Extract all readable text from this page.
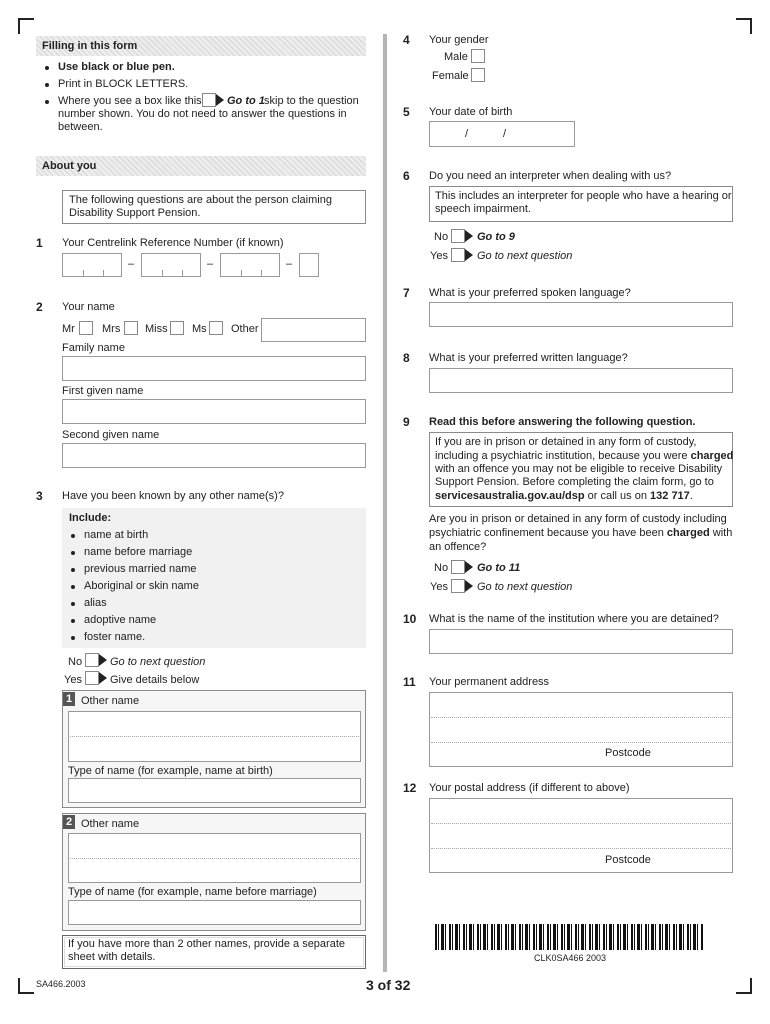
Filling in this form
Use black or blue pen.
Print in BLOCK LETTERS.
Where you see a box like this Go to 1 skip to the question
number shown. You do not need to answer the questions in
between.
About you
The following questions are about the person claiming
Disability Support Pension.
1 Your Centrelink Reference Number (if known)
–	–	–
2 Your name
Mr Mrs Miss Ms Other
Family name
First given name
Second given name
3 Have you been known by any other name(s)?
Include:
name at birth
name before marriage
previous married name
Aboriginal or skin name
alias
adoptive name
foster name.
No	Go to next question
Yes	Give details below
1 Other name
Type of name (for example, name at birth)
2 Other name
Type of name (for example, name before marriage)
If you have more than 2 other names, provide a separate
sheet with details.
4 Your gender
Male
Female
5 Your date of birth
/	/
6 Do you need an interpreter when dealing with us?
This includes an interpreter for people who have a hearing or
speech impairment.
No	Go to 9
Yes	Go to next question
7 What is your preferred spoken language?
8 What is your preferred written language?
9 Read this before answering the following question.
If you are in prison or detained in any form of custody,
including a psychiatric institution, because you were charged
with an offence you may not be eligible to receive Disability
Support Pension. Before completing the claim form, go to
servicesaustralia.gov.au/dsp or call us on 132 717.
Are you in prison or detained in any form of custody including
psychiatric confinement because you have been charged with
an offence?
No	Go to 11
Yes	Go to next question
10 What is the name of the institution where you are detained?
11 Your permanent address
Postcode
12 Your postal address (if different to above)
Postcode
CLK0SA466 2003
SA466.2003	3 of 32
